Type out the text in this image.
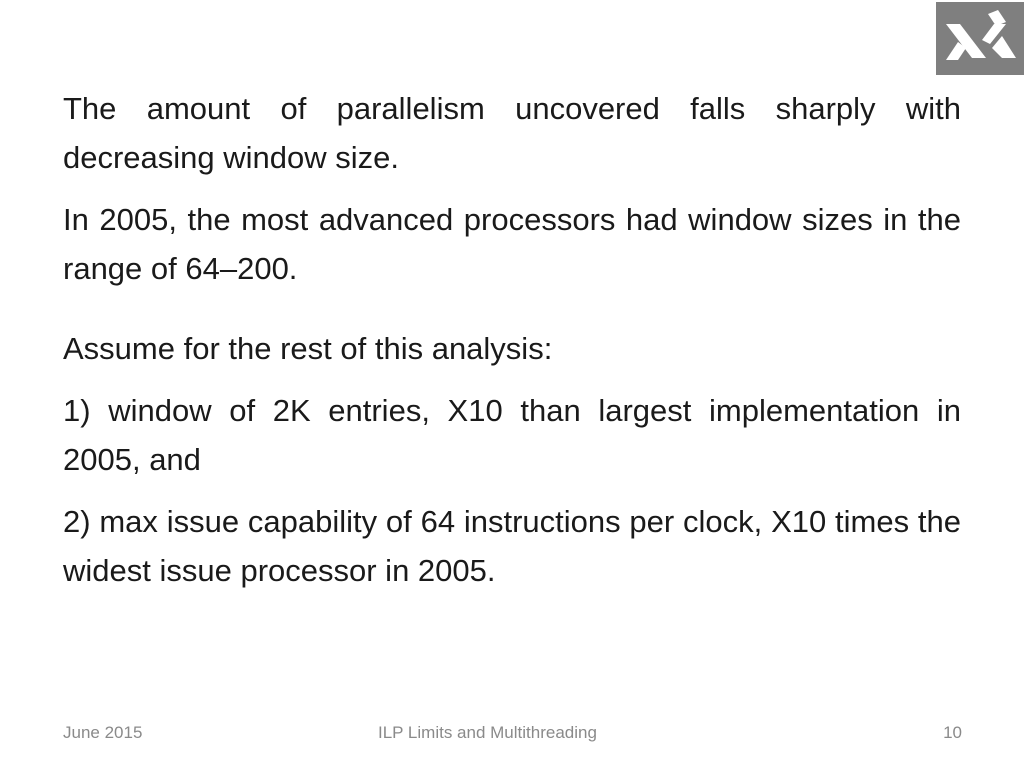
The amount of parallelism uncovered falls sharply with decreasing window size.

In 2005, the most advanced processors had window sizes in the range of 64–200.

Assume for the rest of this analysis:

1) window of 2K entries, X10 than largest implementation in 2005, and

2) max issue capability of 64 instructions per clock, X10 times the widest issue processor in 2005.

June 2015	ILP Limits and Multithreading	10
